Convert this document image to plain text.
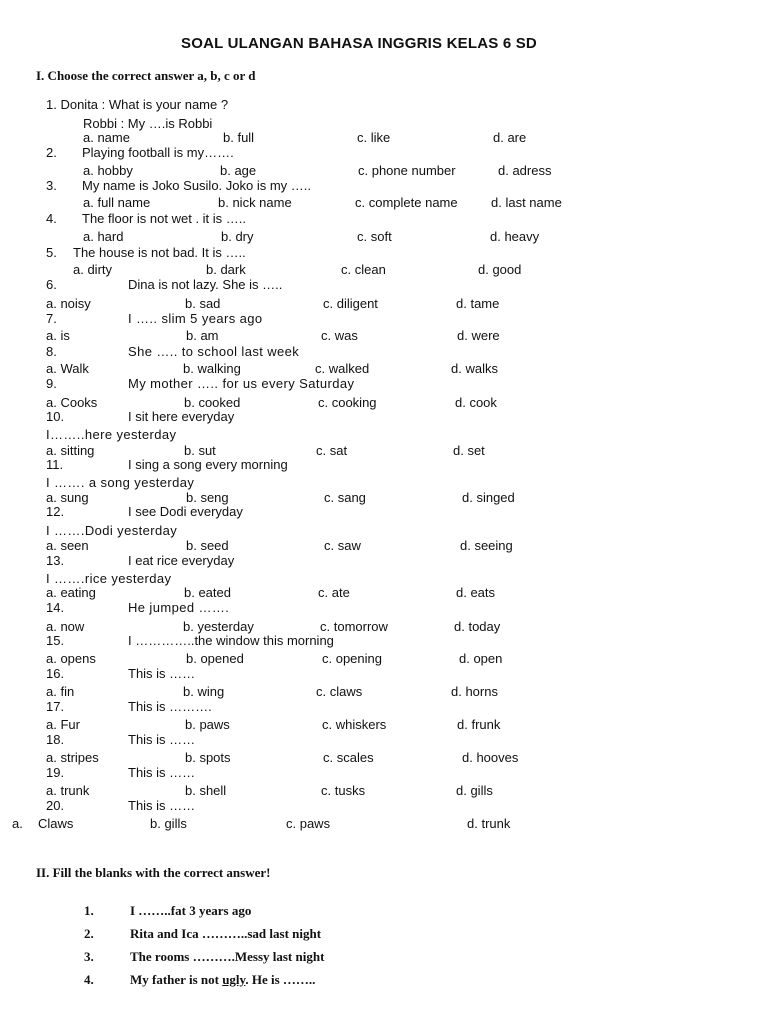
SOAL ULANGAN BAHASA INGGRIS KELAS 6 SD
I. Choose the correct answer a, b, c or d
1. Donita : What is your name ?
Robbi : My ….is Robbi
a. name	b. full	c. like	d. are
2. Playing football is my…….
a. hobby	b. age	c. phone number	d. adress
3. My name is Joko Susilo. Joko is my …..
a. full name	b. nick name	c. complete name	d. last name
4. The floor is not wet . it is …..
a. hard	b. dry	c. soft	d. heavy
5. The house is not bad. It is …..
a. dirty	b. dark	c. clean	d. good
6.	Dina is not lazy. She is …..
a. noisy	b. sad	c. diligent	d. tame
7.	I ….. slim 5 years ago
a. is	b. am	c. was	d. were
8.	She ….. to school last week
a. Walk	b. walking	c. walked	d. walks
9.	My mother ….. for us every Saturday
a. Cooks	b. cooked	c. cooking	d. cook
10.	I sit here everyday
I……..here yesterday
a. sitting	b. sut	c. sat	d. set
11.	I sing a song every morning
I ……. a song yesterday
a. sung	b. seng	c. sang	d. singed
12.	I see Dodi everyday
I …….Dodi yesterday
a. seen	b. seed	c. saw	d. seeing
13.	I eat rice everyday
I …….rice yesterday
a. eating	b. eated	c. ate	d. eats
14.	He jumped …….
a. now	b. yesterday	c. tomorrow	d. today
15.	I …………..the window this morning
a. opens	b. opened	c. opening	d. open
16.	This is ……
a. fin	b. wing	c. claws	d. horns
17.	This is ……….
a. Fur	b. paws	c. whiskers	d. frunk
18.	This is ……
a. stripes	b. spots	c. scales	d. hooves
19.	This is ……
a. trunk	b. shell	c. tusks	d. gills
20.	This is ……
a. Claws	b. gills	c. paws	d. trunk
II. Fill the blanks with the correct answer!
1.	I ……..fat 3 years ago
2.	Rita and Ica ………..sad last night
3.	The rooms ……….Messy last night
4.	My father is not ugly. He is ……..
